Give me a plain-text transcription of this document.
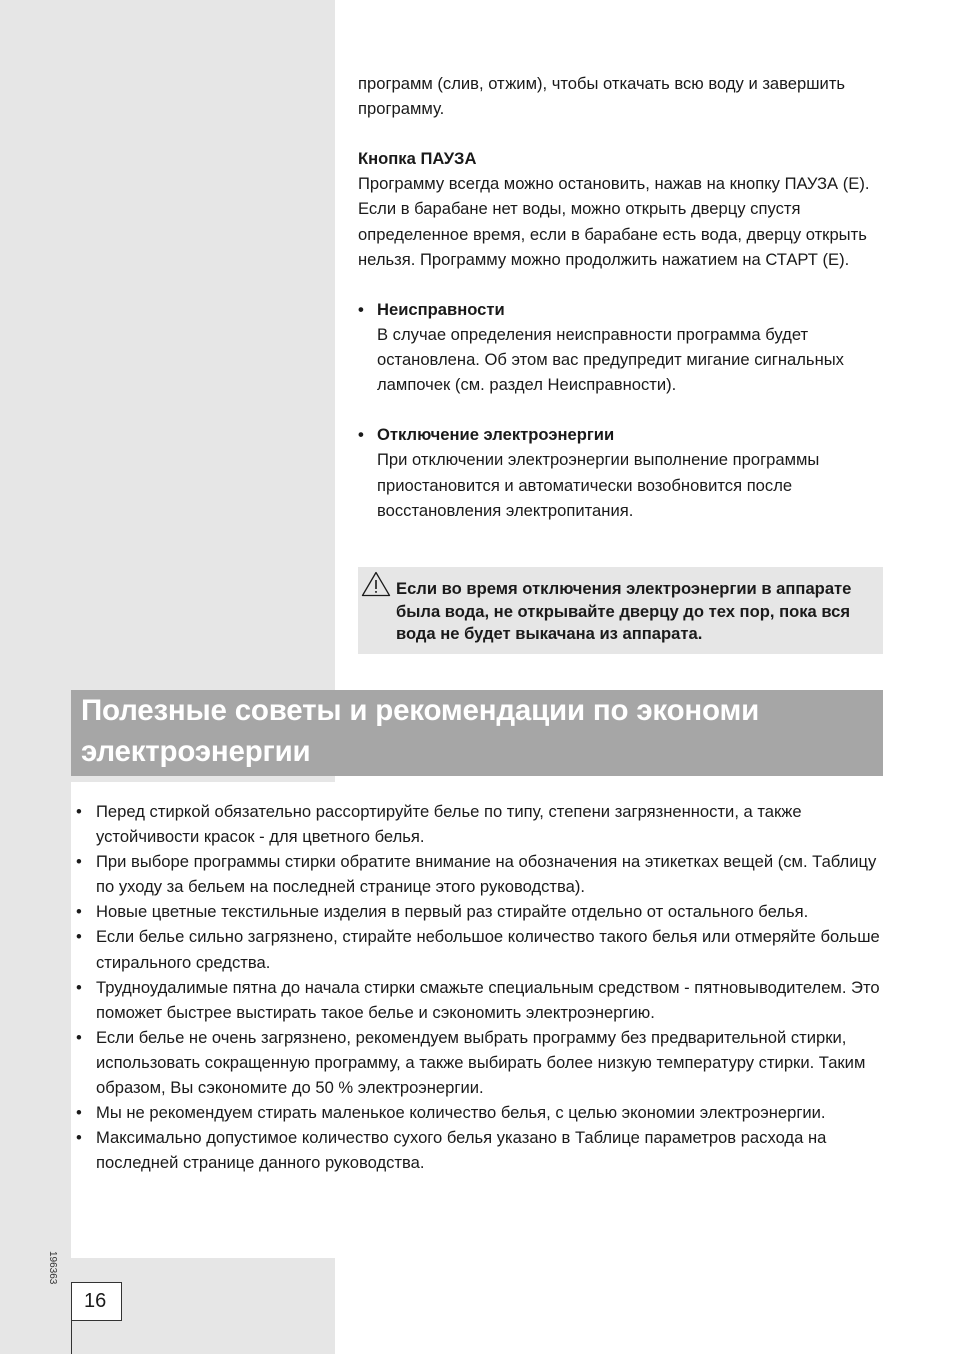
программ (слив, отжим), чтобы откачать всю воду и завершить программу.

Кнопка ПАУЗА

Программу всегда можно остановить, нажав на кнопку ПАУЗА (E). Если в барабане нет воды, можно открыть дверцу спустя определенное время, если в барабане есть вода, дверцу открыть нельзя. Программу можно продолжить нажатием на СТАРТ (E).

• Неисправности

В случае определения неисправности программа будет остановлена. Об этом вас предупредит мигание сигнальных лампочек (см. раздел Неисправности).

• Отключение электроэнергии

При отключении электроэнергии выполнение программы приостановится и автоматически возобновится после восстановления электропитания.

Если во время отключения электроэнергии в аппарате была вода, не открывайте дверцу до тех пор, пока вся вода не будет выкачана из аппарата.
Полезные советы и рекомендации по экономи электроэнергии
• Перед стиркой обязательно рассортируйте белье по типу, степени загрязненности, а также устойчивости красок - для цветного белья.
• При выборе программы стирки обратите внимание на обозначения на этикетках вещей (см. Таблицу по уходу за бельем на последней странице этого руководства).
• Новые цветные текстильные изделия в первый раз стирайте отдельно от остального белья.
• Если белье сильно загрязнено, стирайте небольшое количество такого белья или отмеряйте больше стирального средства.
• Трудноудалимые пятна до начала стирки смажьте специальным средством - пятновыводителем. Это поможет быстрее выстирать такое белье и сэкономить электроэнергию.
• Если белье не очень загрязнено, рекомендуем выбрать программу без предварительной стирки, использовать сокращенную программу, а также выбирать более низкую температуру стирки. Таким образом, Вы сэкономите до 50 % электроэнергии.
• Мы не рекомендуем стирать маленькое количество белья, с целью экономии электроэнергии.
• Максимально допустимое количество сухого белья указано в Таблице параметров расхода на последней странице данного руководства.
196363
16
